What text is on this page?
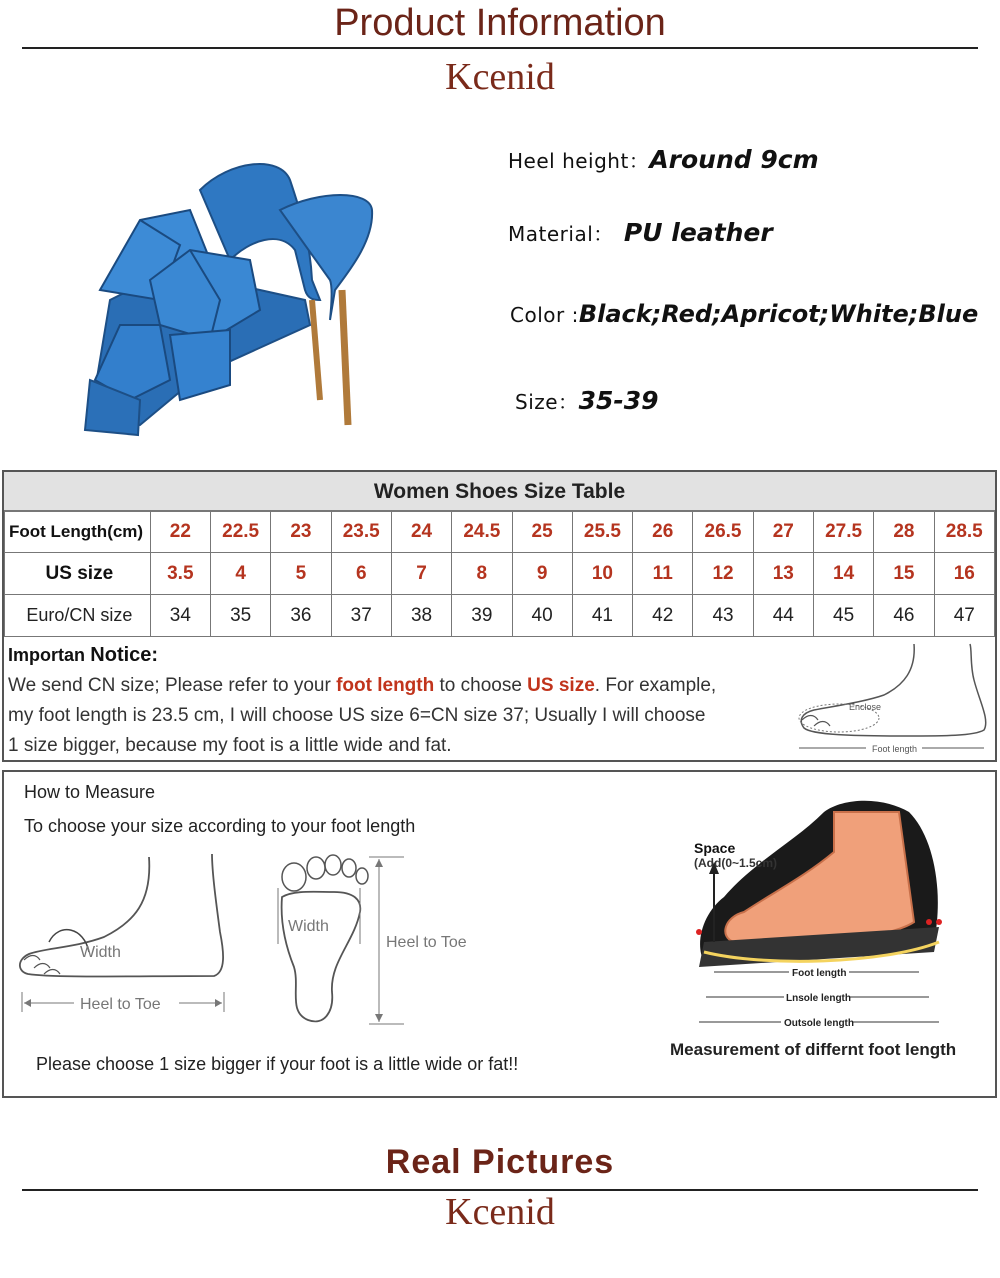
Product Information
Kcenid
Heel height：Around 9cm
Material： PU leather
Color :Black;Red;Apricot;White;Blue
Size：35-39
Women Shoes Size Table
Foot Length(cm)	22	22.5	23	23.5	24	24.5	25	25.5	26	26.5	27	27.5	28	28.5
US size	3.5	4	5	6	7	8	9	10	11	12	13	14	15	16
Euro/CN size	34	35	36	37	38	39	40	41	42	43	44	45	46	47
Importan Notice:
We send CN size; Please refer to your foot length to choose US size. For example,
my foot length is 23.5 cm, I will choose US size 6=CN size 37; Usually I will choose
1 size bigger, because my foot is a little wide and fat.
Enclose
Foot length
How to Measure
To choose your size according to your foot length
Width
Heel to Toe
Width
Heel to Toe
Please choose 1 size bigger if your foot is a little wide or fat!!
Foot length
Lnsole length
Outsole length
Space
(Add(0~1.5cm)
Measurement of differnt foot length
Real Pictures
Kcenid
